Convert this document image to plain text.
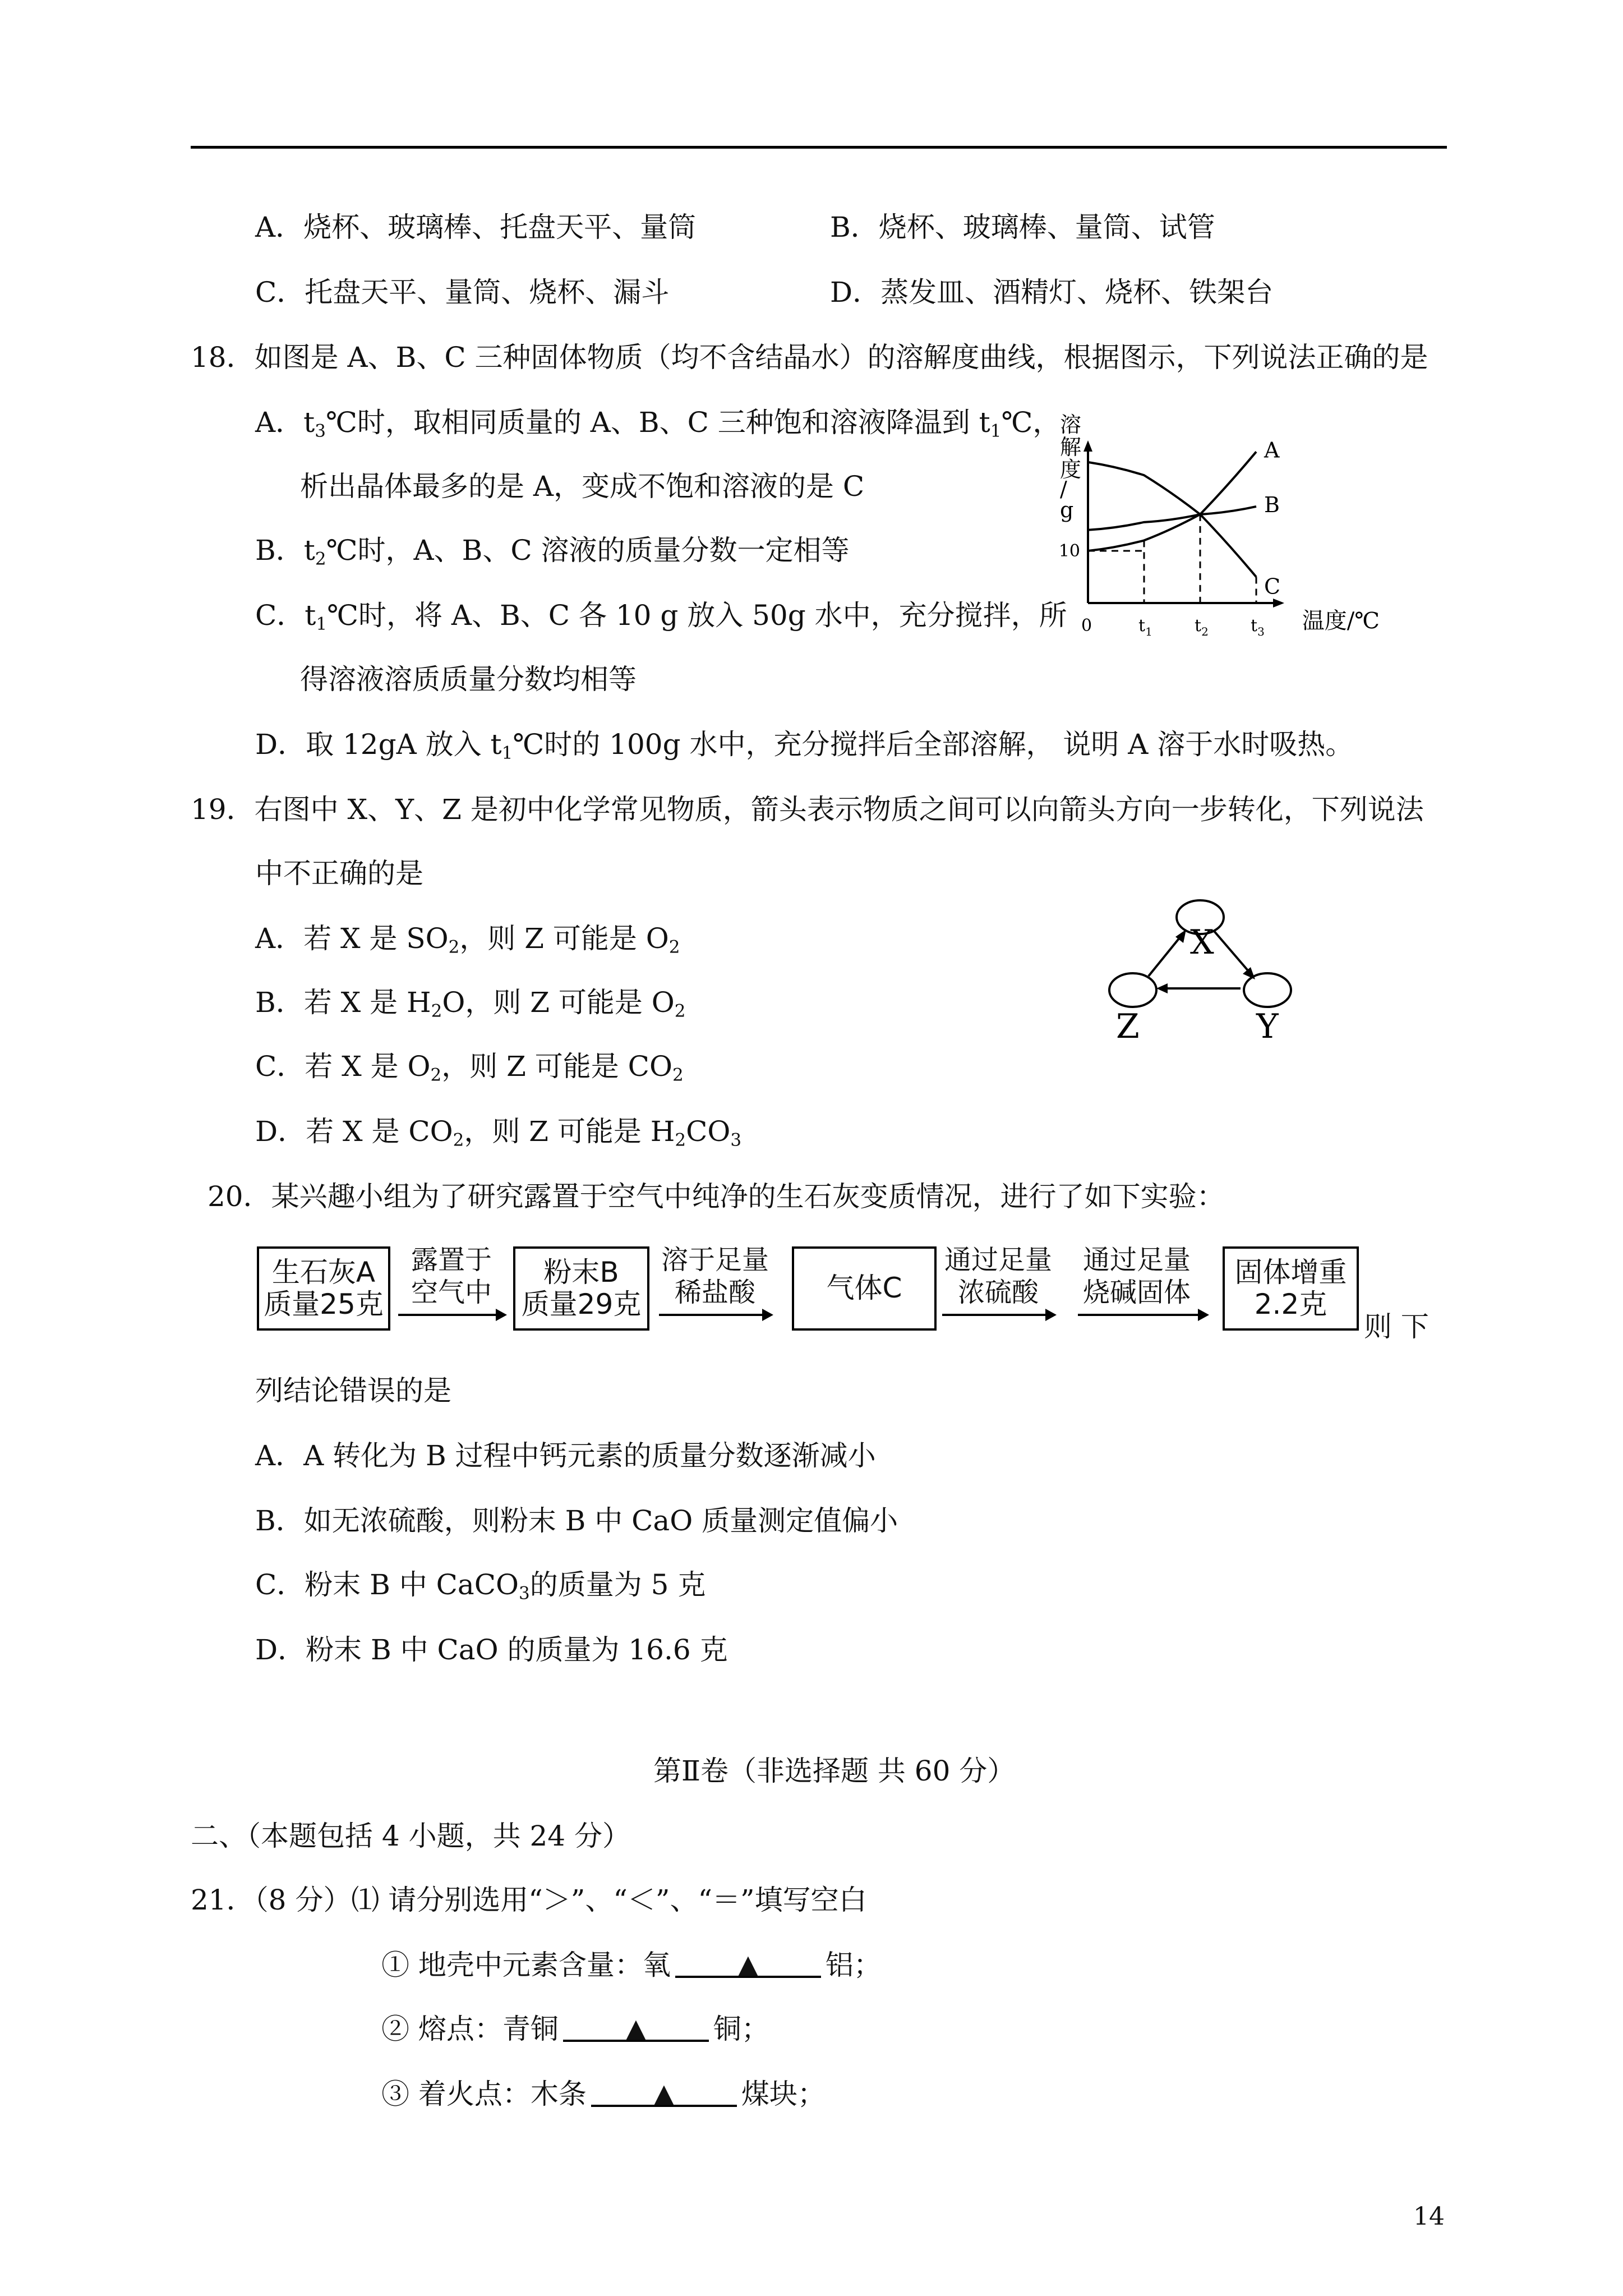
A．烧杯、玻璃棒、托盘天平、量筒	B．烧杯、玻璃棒、量筒、试管
C．托盘天平、量筒、烧杯、漏斗	D．蒸发皿、酒精灯、烧杯、铁架台
18．如图是 A、B、C 三种固体物质（均不含结晶水）的溶解度曲线，根据图示，下列说法正确的是
A．$t_3℃$时，取相同质量的 A、B、C 三种饱和溶液降温到 $t_1℃$，
析出晶体最多的是 A，变成不饱和溶液的是 C
B．$t_2℃$时，A、B、C 溶液的质量分数一定相等
C．$t_1℃$时，将 A、B、C 各 10 g 放入 50g 水中，充分搅拌，所
得溶液溶质质量分数均相等
D．取 12gA 放入 $t_1℃$时的 100g 水中，充分搅拌后全部溶解， 说明 A 溶于水时吸热。
溶
解
度
/
g
温度/℃
0	$t_1$	$t_2$	$t_3$
10
A
B
C
19．右图中 X、Y、Z 是初中化学常见物质，箭头表示物质之间可以向箭头方向一步转化，下列说法
中不正确的是
A．若 X 是 $SO_2$，则 Z 可能是 $O_2$
B．若 X 是 $H_2O$，则 Z 可能是 $O_2$
C．若 X 是 $O_2$，则 Z 可能是 $CO_2$
D．若 X 是 $CO_2$，则 Z 可能是 $H_2CO_3$
X
Z	Y
20．某兴趣小组为了研究露置于空气中纯净的生石灰变质情况，进行了如下实验：
生石灰A
质量25克
露置于
空气中
粉末B
质量29克
溶于足量
稀盐酸	气体C
通过足量
浓硫酸
通过足量
烧碱固体
固体增重
2.2克
则 下
列结论错误的是
A．A 转化为 B 过程中钙元素的质量分数逐渐减小
B．如无浓硫酸，则粉末 B 中 CaO 质量测定值偏小
C．粉末 B 中 CaCO$_3$的质量为 5 克
D．粉末 B 中 CaO 的质量为 16.6 克
第Ⅱ卷（非选择题 共 60 分）
二、（本题包括 4 小题，共 24 分）
21．（8 分）⑴ 请分别选用“＞”、“＜”、“＝”填写空白
① 地壳中元素含量：氧	▲ 铝；
② 熔点：青铜	▲ 铜；
③ 着火点：木条	▲ 煤块；
14
